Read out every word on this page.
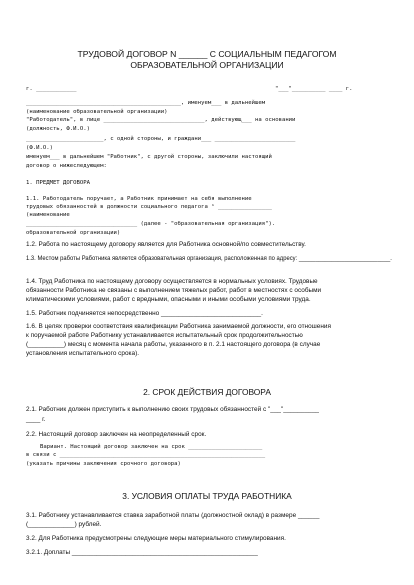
ТРУДОВОЙ ДОГОВОР N ______ С СОЦИАЛЬНЫМ ПЕДАГОГОМ
ОБРАЗОВАТЕЛЬНОЙ ОРГАНИЗАЦИИ
г. ____________	"___"__________ ____ г.
______________________________________________, именуем___ в дальнейшем
(наименование образовательной организации)
"Работодатель", в лице ______________________________, действующ___ на основании
(должность, Ф.И.О.)
_______________________, с одной стороны, и граждани___ ________________________
(Ф.И.О.)
именуем___ в дальнейшем "Работник", с другой стороны, заключили настоящий
договор о нижеследующем:
1. ПРЕДМЕТ ДОГОВОРА
1.1. Работодатель поручает, а Работник принимает на себя выполнение
трудовых обязанностей в должности социального педагога ¹ ________________
(наименование
_________________________________ (далее - "образовательная организация").
образовательной организации)
1.2. Работа по настоящему договору является для Работника основной/по совместительству.
1.3. Местом работы Работника является образовательная организация, расположенная по адресу: ____________________________.
1.4. Труд Работника по настоящему договору осуществляется в нормальных условиях. Трудовые
обязанности Работника не связаны с выполнением тяжелых работ, работ в местностях с особыми
климатическими условиями, работ с вредными, опасными и иными особыми условиями труда.
1.5. Работник подчиняется непосредственно ____________________________.
1.6. В целях проверки соответствия квалификации Работника занимаемой должности, его отношения
к поручаемой работе Работнику устанавливается испытательный срок продолжительностью
(__________) месяц с момента начала работы, указанного в п. 2.1 настоящего договора (в случае
установления испытательного срока).
2. СРОК ДЕЙСТВИЯ ДОГОВОРА
2.1. Работник должен приступить к выполнению своих трудовых обязанностей с "___"__________
____ г.
2.2. Настоящий договор заключен на неопределенный срок.
Вариант. Настоящий договор заключен на срок ______________________
в связи с _____________________________________________________________
(указать причины заключения срочного договора)
3. УСЛОВИЯ ОПЛАТЫ ТРУДА РАБОТНИКА
3.1. Работнику устанавливается ставка заработной платы (должностной оклад) в размере ______
(_____________) рублей.
3.2. Для Работника предусмотрены следующие меры материального стимулирования.
3.2.1. Доплаты ____________________________________________________
